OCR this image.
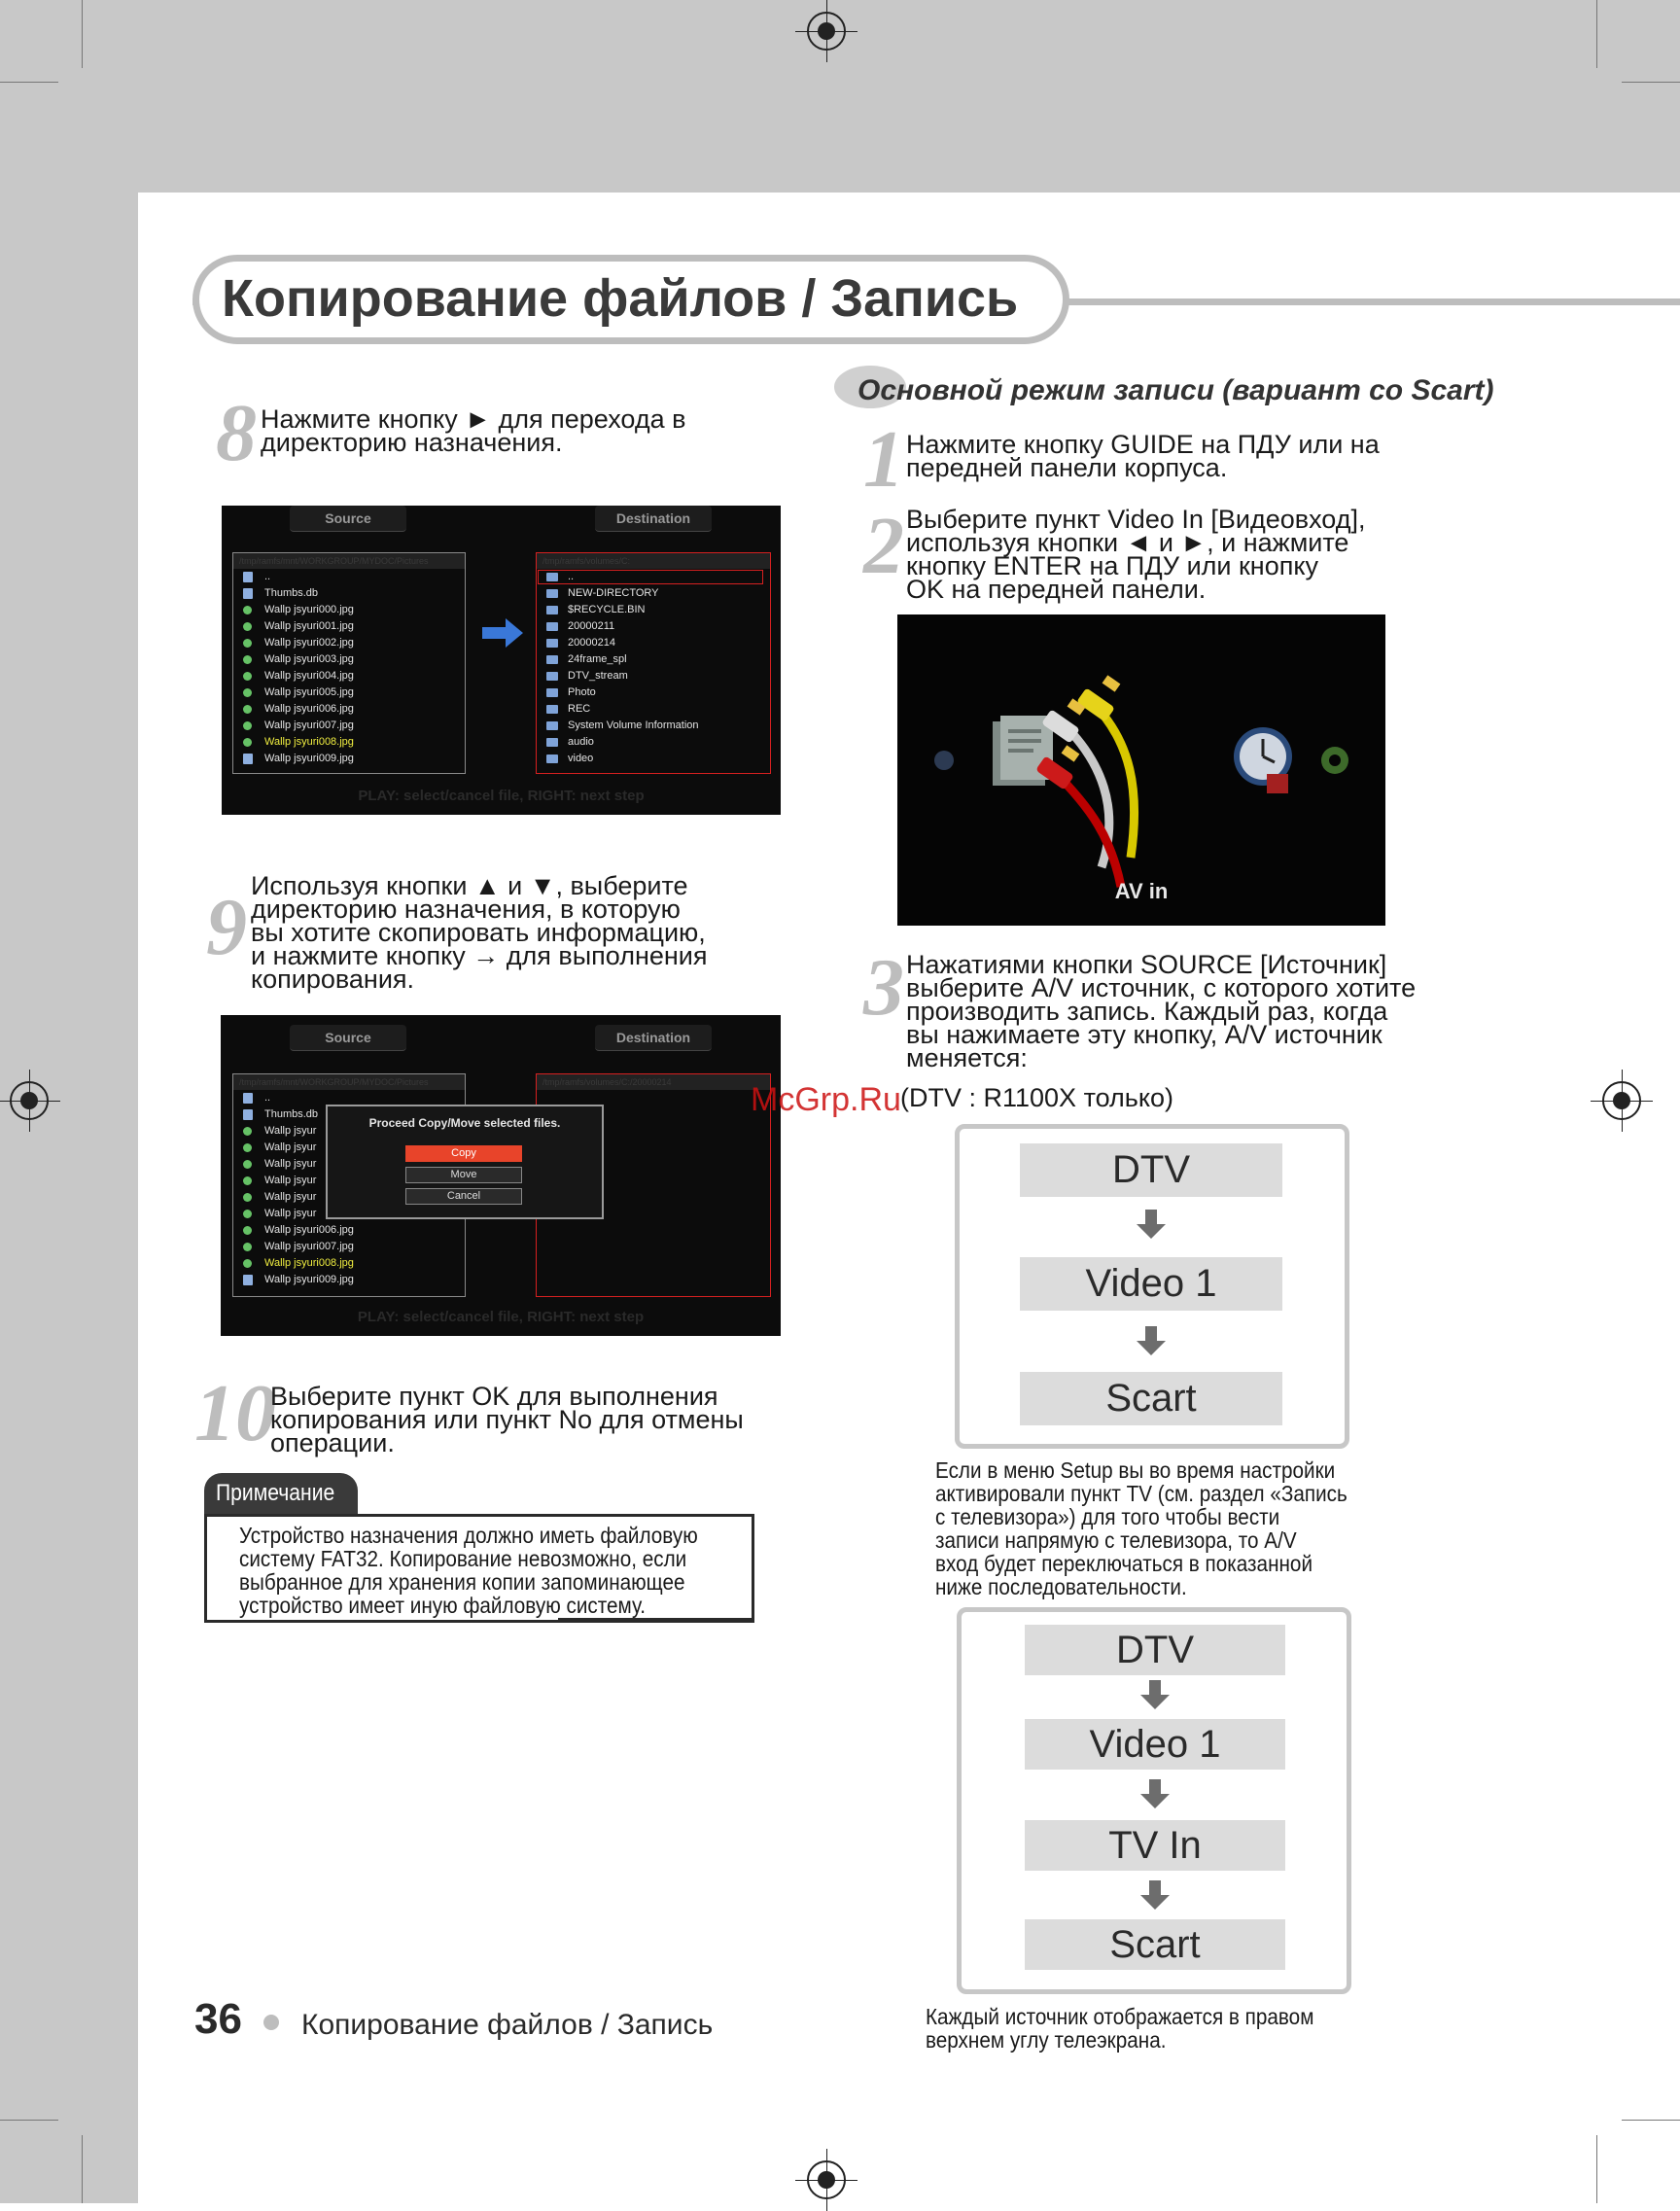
Копирование файлов / Запись
8 Нажмите кнопку ► для перехода в
директорию назначения.
Source	Destination
/tmp/ramfs/mnt/WORKGROUP/MYDOC/Pictures
..
Thumbs.db
Wallp jsyuri000.jpg
Wallp jsyuri001.jpg
Wallp jsyuri002.jpg
Wallp jsyuri003.jpg
Wallp jsyuri004.jpg
Wallp jsyuri005.jpg
Wallp jsyuri006.jpg
Wallp jsyuri007.jpg
Wallp jsyuri008.jpg
Wallp jsyuri009.jpg
/tmp/ramfs/volumes/C:
..
NEW-DIRECTORY
$RECYCLE.BIN
20000211
20000214
24frame_spl
DTV_stream
Photo
REC
System Volume Information
audio
video
PLAY: select/cancel file, RIGHT: next step
9 Используя кнопки ▲ и ▼, выберите
директорию назначения, в которую
вы хотите скопировать информацию,
и нажмите кнопку → для выполнения
копирования.
Source	Destination
/tmp/ramfs/mnt/WORKGROUP/MYDOC/Pictures
..
Thumbs.db
Wallp jsyur
Wallp jsyur
Wallp jsyur
Wallp jsyur
Wallp jsyur
Wallp jsyur
Wallp jsyuri006.jpg
Wallp jsyuri007.jpg
Wallp jsyuri008.jpg
Wallp jsyuri009.jpg
/tmp/ramfs/volumes/C:/20000214
Proceed Copy/Move selected files.
Copy
Move
Cancel
PLAY: select/cancel file, RIGHT: next step
10
Выберите пункт OK для выполнения
копирования или пункт No для отмены
операции.
Примечание
Устройство назначения должно иметь файловую
систему FAT32. Копирование невозможно, если
выбранное для хранения копии запоминающее
устройство имеет иную файловую систему.
36 Копирование файлов / Запись
Основной режим записи (вариант со Scart)
1 Нажмите кнопку GUIDE на ПДУ или на
передней панели корпуса.
2 Выберите пункт Video In [Видеовход],
используя кнопки ◄ и ►, и нажмите
кнопку ENTER на ПДУ или кнопку
OK на передней панели.
AV in
3 Нажатиями кнопки SOURCE [Источник]
выберите A/V источник, с которого хотите
производить запись. Каждый раз, когда
вы нажимаете эту кнопку, A/V источник
меняется:
(DTV : R1100X только)
McGrp.Ru
DTV
Video 1
Scart
Если в меню Setup вы во время настройки
активировали пункт TV (см. раздел «Запись
с телевизора») для того чтобы вести
записи напрямую с телевизора, то A/V
вход будет переключаться в показанной
ниже последовательности.
DTV
Video 1
TV In
Scart
Каждый источник отображается в правом
верхнем углу телеэкрана.
